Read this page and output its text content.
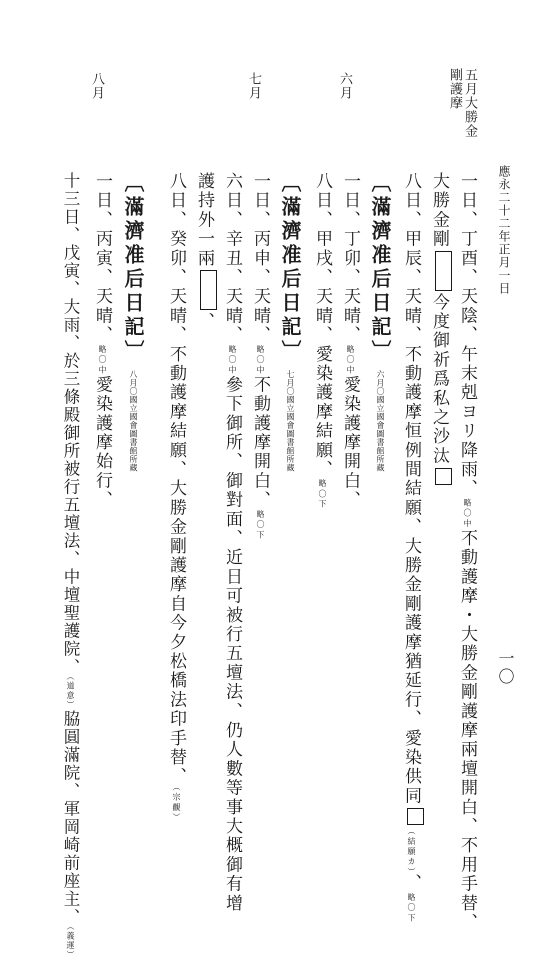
應永二十二年正月一日
一〇
五月大勝金剛護摩
六月
七月
八月
一日、丁酉、天陰、午末剋ヨリ降雨、略〇中不動護摩・大勝金剛護摩兩壇開白、不用手替、
大勝金剛今度御祈爲私之沙汰
八日、甲辰、天晴、不動護摩恒例間結願、大勝金剛護摩猶延行、愛染供同（結願カ）、略〇下
〔滿濟准后日記〕六月〇國立國會圖書館所藏
一日、丁卯、天晴、略〇中愛染護摩開白、
八日、甲戌、天晴、愛染護摩結願、略〇下
〔滿濟准后日記〕七月〇國立國會圖書館所藏
一日、丙申、天晴、略〇中不動護摩開白、略〇下
六日、辛丑、天晴、略〇中參下御所、御對面、近日可被行五壇法、仍人數等事大概御有增
護持外一兩、
八日、癸卯、天晴、不動護摩結願、大勝金剛護摩自今夕松橋法印手替、（宗觀）
〔滿濟准后日記〕八月〇國立國會圖書館所藏
一日、丙寅、天晴、略〇中愛染護摩始行、
十三日、戊寅、大雨、於三條殿御所被行五壇法、中壇聖護院、（道意）脇圓滿院、軍岡崎前座主、（義運）
